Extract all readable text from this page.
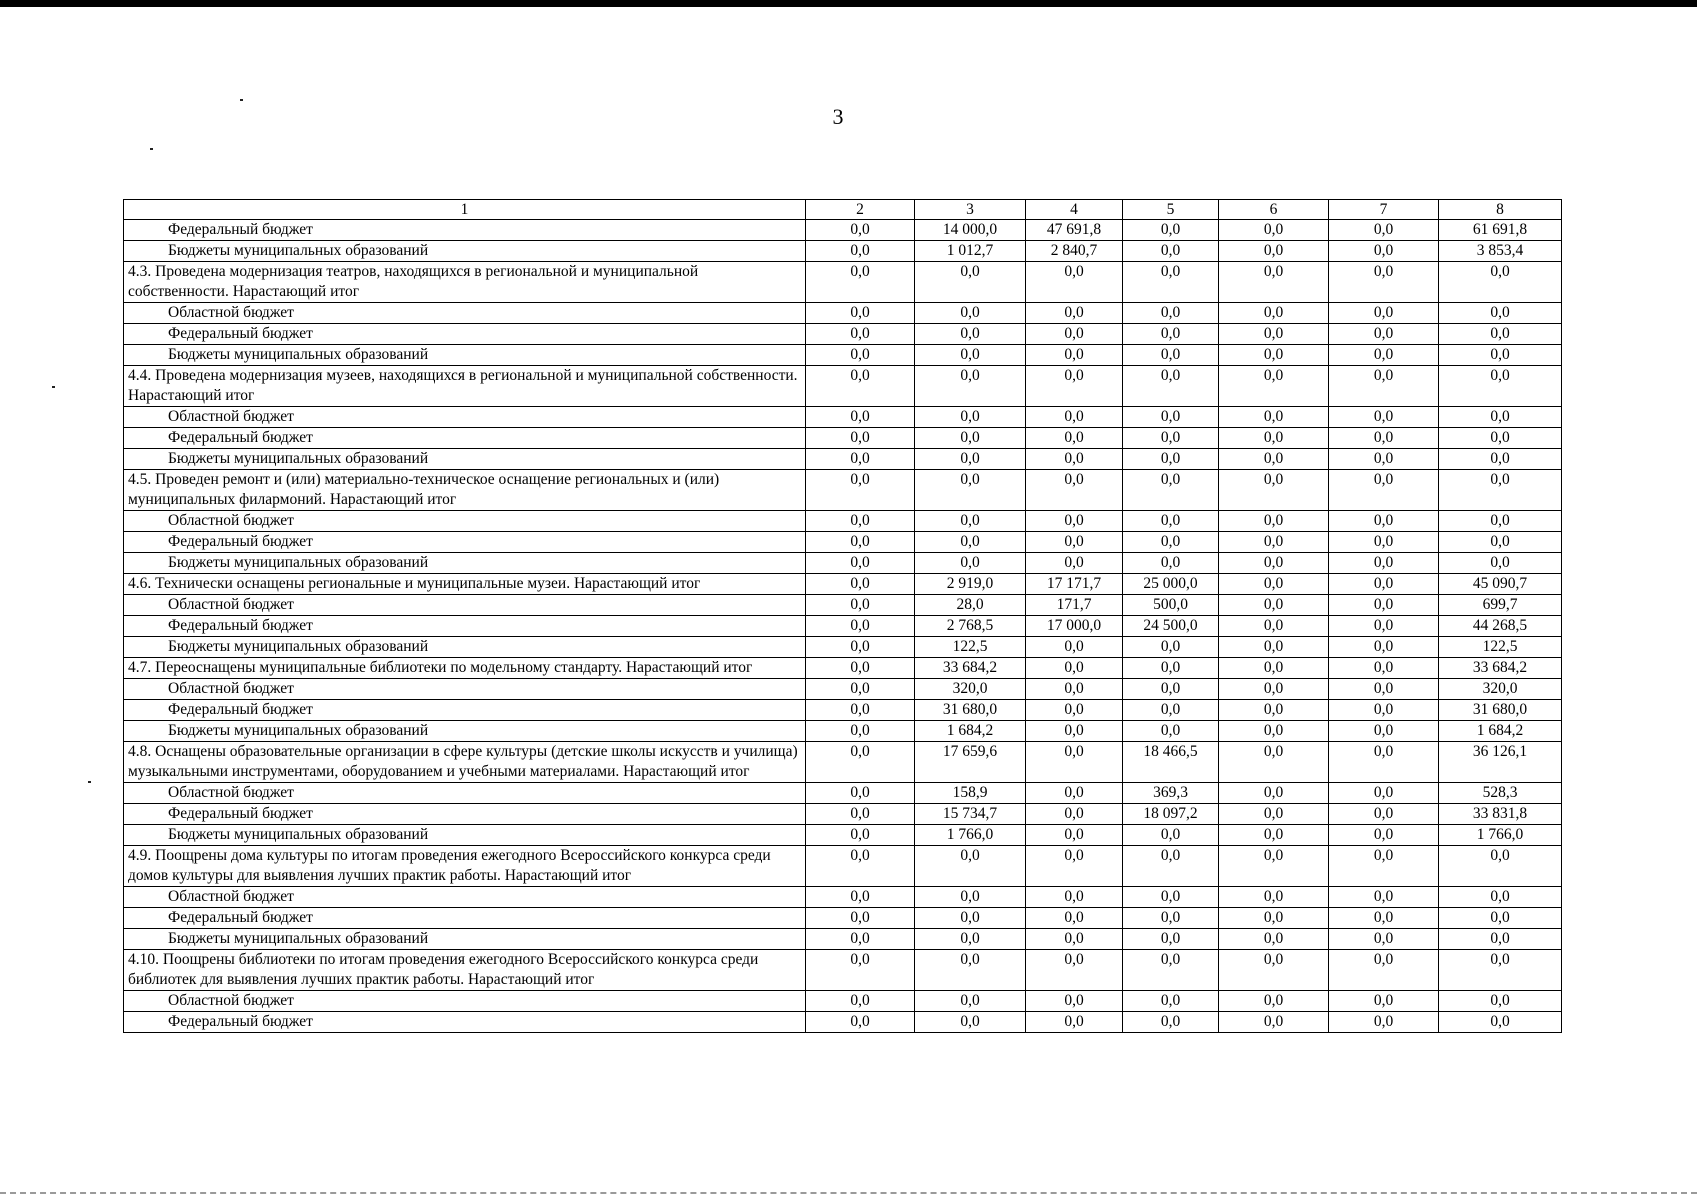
3
1	2	3	4	5	6	7	8
Федеральный бюджет	0,0	14 000,0	47 691,8	0,0	0,0	0,0	61 691,8
Бюджеты муниципальных образований	0,0	1 012,7	2 840,7	0,0	0,0	0,0	3 853,4
4.3. Проведена модернизация театров, находящихся в региональной и муниципальной собственности. Нарастающий итог	0,0	0,0	0,0	0,0	0,0	0,0	0,0
Областной бюджет	0,0	0,0	0,0	0,0	0,0	0,0	0,0
Федеральный бюджет	0,0	0,0	0,0	0,0	0,0	0,0	0,0
Бюджеты муниципальных образований	0,0	0,0	0,0	0,0	0,0	0,0	0,0
4.4. Проведена модернизация музеев, находящихся в региональной и муниципальной собственности. Нарастающий итог	0,0	0,0	0,0	0,0	0,0	0,0	0,0
Областной бюджет	0,0	0,0	0,0	0,0	0,0	0,0	0,0
Федеральный бюджет	0,0	0,0	0,0	0,0	0,0	0,0	0,0
Бюджеты муниципальных образований	0,0	0,0	0,0	0,0	0,0	0,0	0,0
4.5. Проведен ремонт и (или) материально-техническое оснащение региональных и (или) муниципальных филармоний. Нарастающий итог	0,0	0,0	0,0	0,0	0,0	0,0	0,0
Областной бюджет	0,0	0,0	0,0	0,0	0,0	0,0	0,0
Федеральный бюджет	0,0	0,0	0,0	0,0	0,0	0,0	0,0
Бюджеты муниципальных образований	0,0	0,0	0,0	0,0	0,0	0,0	0,0
4.6. Технически оснащены региональные и муниципальные музеи. Нарастающий итог	0,0	2 919,0	17 171,7	25 000,0	0,0	0,0	45 090,7
Областной бюджет	0,0	28,0	171,7	500,0	0,0	0,0	699,7
Федеральный бюджет	0,0	2 768,5	17 000,0	24 500,0	0,0	0,0	44 268,5
Бюджеты муниципальных образований	0,0	122,5	0,0	0,0	0,0	0,0	122,5
4.7. Переоснащены муниципальные библиотеки по модельному стандарту. Нарастающий итог	0,0	33 684,2	0,0	0,0	0,0	0,0	33 684,2
Областной бюджет	0,0	320,0	0,0	0,0	0,0	0,0	320,0
Федеральный бюджет	0,0	31 680,0	0,0	0,0	0,0	0,0	31 680,0
Бюджеты муниципальных образований	0,0	1 684,2	0,0	0,0	0,0	0,0	1 684,2
4.8. Оснащены образовательные организации в сфере культуры (детские школы искусств и училища) музыкальными инструментами, оборудованием и учебными материалами. Нарастающий итог	0,0	17 659,6	0,0	18 466,5	0,0	0,0	36 126,1
Областной бюджет	0,0	158,9	0,0	369,3	0,0	0,0	528,3
Федеральный бюджет	0,0	15 734,7	0,0	18 097,2	0,0	0,0	33 831,8
Бюджеты муниципальных образований	0,0	1 766,0	0,0	0,0	0,0	0,0	1 766,0
4.9. Поощрены дома культуры по итогам проведения ежегодного Всероссийского конкурса среди домов культуры для выявления лучших практик работы. Нарастающий итог	0,0	0,0	0,0	0,0	0,0	0,0	0,0
Областной бюджет	0,0	0,0	0,0	0,0	0,0	0,0	0,0
Федеральный бюджет	0,0	0,0	0,0	0,0	0,0	0,0	0,0
Бюджеты муниципальных образований	0,0	0,0	0,0	0,0	0,0	0,0	0,0
4.10. Поощрены библиотеки по итогам проведения ежегодного Всероссийского конкурса среди библиотек для выявления лучших практик работы. Нарастающий итог	0,0	0,0	0,0	0,0	0,0	0,0	0,0
Областной бюджет	0,0	0,0	0,0	0,0	0,0	0,0	0,0
Федеральный бюджет	0,0	0,0	0,0	0,0	0,0	0,0	0,0
